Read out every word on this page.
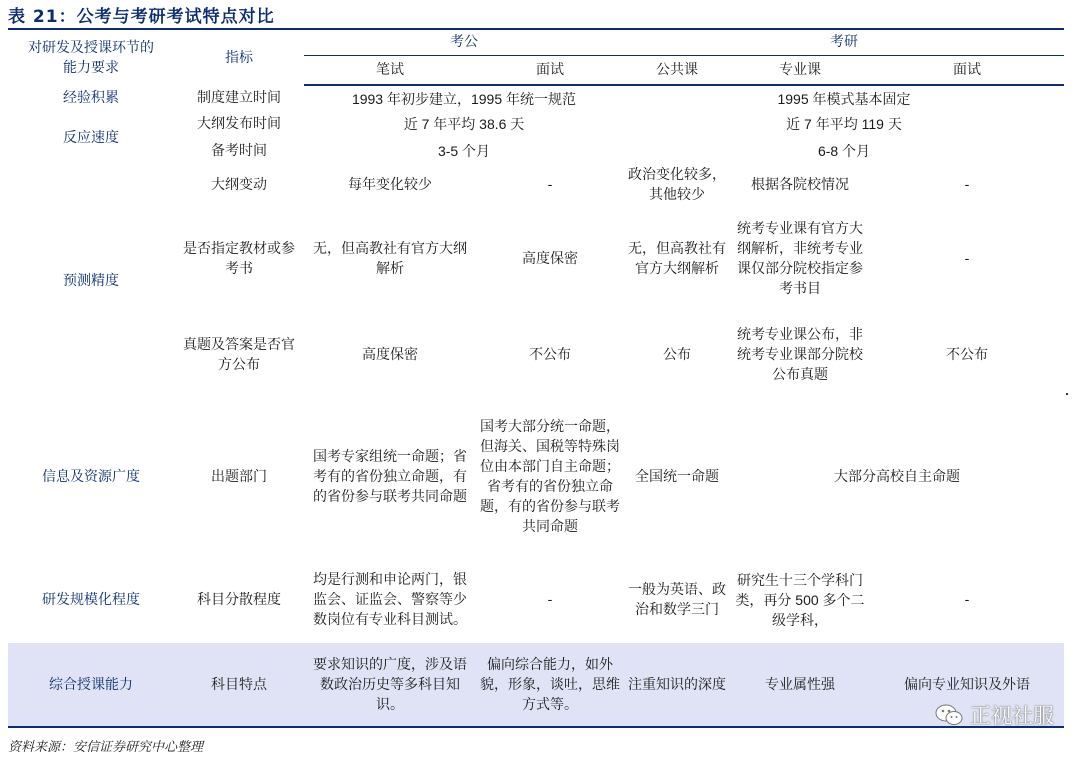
表 21：公考与考研考试特点对比
对研发及授课环节的能力要求	指标	考公		考研		
		笔试	面试	公共课	专业课	面试
经验积累	制度建立时间	1993 年初步建立，1995 年统一规范		1995 年模式基本固定		
反应速度	大纲发布时间	近 7 年平均 38.6 天		近 7 年平均 119 天		
	备考时间	3-5 个月		6-8 个月		
预测精度	大纲变动	每年变化较少	-	政治变化较多，其他较少	根据各院校情况	-
	是否指定教材或参考书	无，但高教社有官方大纲解析	高度保密	无，但高教社有官方大纲解析	统考专业课有官方大纲解析，非统考专业课仅部分院校指定参考书目	-
	真题及答案是否官方公布	高度保密	不公布	公布	统考专业课公布，非统考专业课部分院校公布真题	不公布
信息及资源广度	出题部门	国考专家组统一命题；省考有的省份独立命题，有的省份参与联考共同命题	国考大部分统一命题，但海关、国税等特殊岗位由本部门自主命题；省考有的省份独立命题，有的省份参与联考共同命题	全国统一命题	大部分高校自主命题	
研发规模化程度	科目分散程度	均是行测和申论两门，银监会、证监会、警察等少数岗位有专业科目测试。	-	一般为英语、政治和数学三门	研究生十三个学科门类，再分 500 多个二级学科，	-
综合授课能力	科目特点	要求知识的广度，涉及语数政治历史等多科目知识。	偏向综合能力，如外貌，形象，谈吐，思维方式等。	注重知识的深度	专业属性强	偏向专业知识及外语
资料来源：安信证券研究中心整理
正视社服
